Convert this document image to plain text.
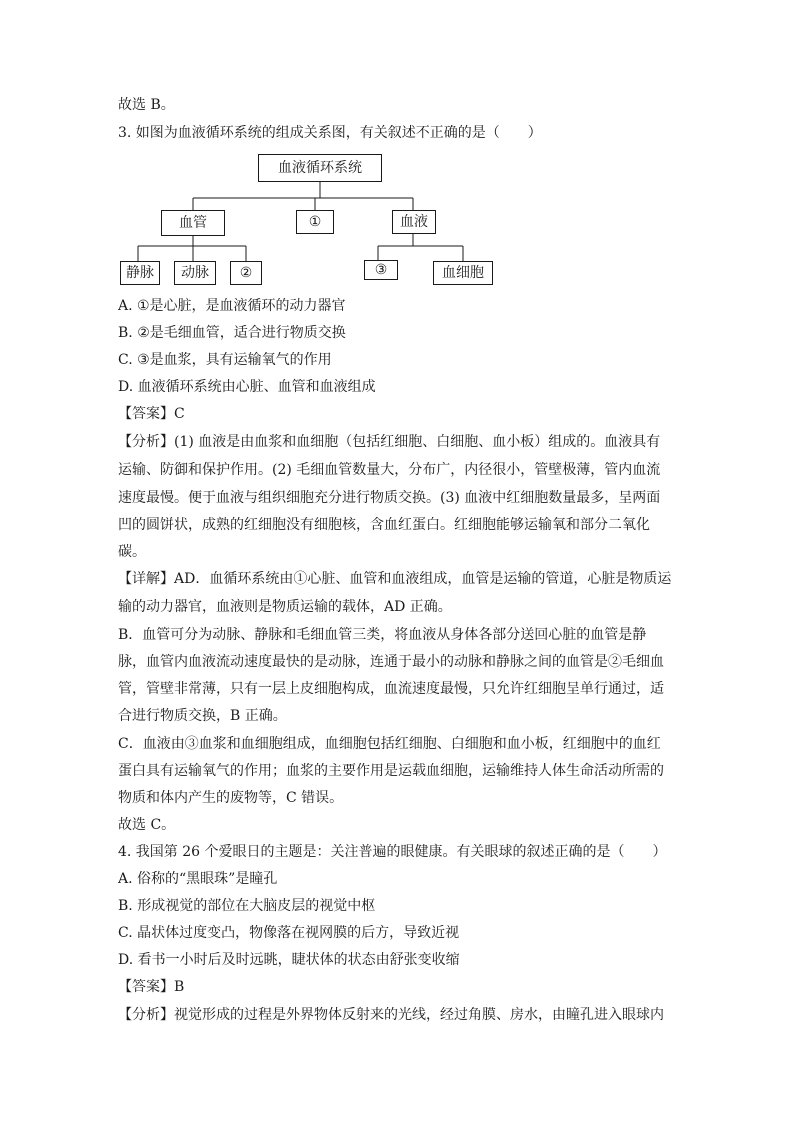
故选 B。
3. 如图为血液循环系统的组成关系图，有关叙述不正确的是（　　）
血液循环系统
血管	①	血液
静脉	动脉	②	③	血细胞
A. ①是心脏，是血液循环的动力器官
B. ②是毛细血管，适合进行物质交换
C. ③是血浆，具有运输氧气的作用
D. 血液循环系统由心脏、血管和血液组成
【答案】C
【分析】(1) 血液是由血浆和血细胞（包括红细胞、白细胞、血小板）组成的。血液具有
运输、防御和保护作用。(2) 毛细血管数量大，分布广，内径很小，管壁极薄，管内血流
速度最慢。便于血液与组织细胞充分进行物质交换。(3) 血液中红细胞数量最多，呈两面
凹的圆饼状，成熟的红细胞没有细胞核，含血红蛋白。红细胞能够运输氧和部分二氧化
碳。
【详解】AD．血循环系统由①心脏、血管和血液组成，血管是运输的管道，心脏是物质运
输的动力器官，血液则是物质运输的载体，AD 正确。
B．血管可分为动脉、静脉和毛细血管三类，将血液从身体各部分送回心脏的血管是静
脉，血管内血液流动速度最快的是动脉，连通于最小的动脉和静脉之间的血管是②毛细血
管，管壁非常薄，只有一层上皮细胞构成，血流速度最慢，只允许红细胞呈单行通过，适
合进行物质交换，B 正确。
C．血液由③血浆和血细胞组成，血细胞包括红细胞、白细胞和血小板，红细胞中的血红
蛋白具有运输氧气的作用；血浆的主要作用是运载血细胞，运输维持人体生命活动所需的
物质和体内产生的废物等，C 错误。
故选 C。
4. 我国第 26 个爱眼日的主题是：关注普遍的眼健康。有关眼球的叙述正确的是（　　）
A. 俗称的“黑眼珠”是瞳孔
B. 形成视觉的部位在大脑皮层的视觉中枢
C. 晶状体过度变凸，物像落在视网膜的后方，导致近视
D. 看书一小时后及时远眺，睫状体的状态由舒张变收缩
【答案】B
【分析】视觉形成的过程是外界物体反射来的光线，经过角膜、房水，由瞳孔进入眼球内
